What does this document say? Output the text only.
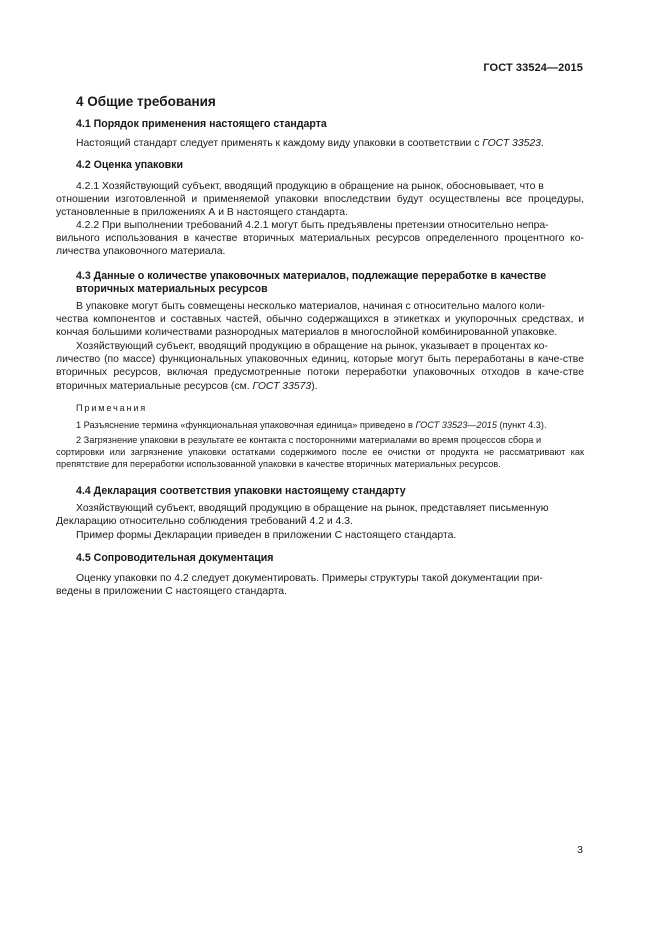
ГОСТ 33524—2015
4 Общие требования
4.1 Порядок применения настоящего стандарта
Настоящий стандарт следует применять к каждому виду упаковки в соответствии с ГОСТ 33523.
4.2 Оценка упаковки
4.2.1 Хозяйствующий субъект, вводящий продукцию в обращение на рынок, обосновывает, что в
отношении изготовленной и применяемой упаковки впоследствии будут осуществлены все процедуры, установленные в приложениях А и В настоящего стандарта.
4.2.2 При выполнении требований 4.2.1 могут быть предъявлены претензии относительно непра-
вильного использования в качестве вторичных материальных ресурсов определенного процентного ко-личества упаковочного материала.
4.3 Данные о количестве упаковочных материалов, подлежащие переработке в качестве
вторичных материальных ресурсов
В упаковке могут быть совмещены несколько материалов, начиная с относительно малого коли-
чества компонентов и составных частей, обычно содержащихся в этикетках и укупорочных средствах, и кончая большими количествами разнородных материалов в многослойной комбинированной упаковке.
Хозяйствующий субъект, вводящий продукцию в обращение на рынок, указывает в процентах ко-
личество (по массе) функциональных упаковочных единиц, которые могут быть переработаны в каче-стве вторичных ресурсов, включая предусмотренные потоки переработки упаковочных отходов в каче-стве вторичных материальные ресурсов (см. ГОСТ 33573).
Примечания
1 Разъяснение термина «функциональная упаковочная единица» приведено в ГОСТ 33523—2015 (пункт 4.3).
2 Загрязнение упаковки в результате ее контакта с посторонними материалами во время процессов сбора и
сортировки или загрязнение упаковки остатками содержимого после ее очистки от продукта не рассматривают как препятствие для переработки использованной упаковки в качестве вторичных материальных ресурсов.
4.4 Декларация соответствия упаковки настоящему стандарту
Хозяйствующий субъект, вводящий продукцию в обращение на рынок, представляет письменную
Декларацию относительно соблюдения требований 4.2 и 4.3.
Пример формы Декларации приведен в приложении С настоящего стандарта.
4.5 Сопроводительная документация
Оценку упаковки по 4.2 следует документировать. Примеры структуры такой документации при-
ведены в приложении С настоящего стандарта.
3
